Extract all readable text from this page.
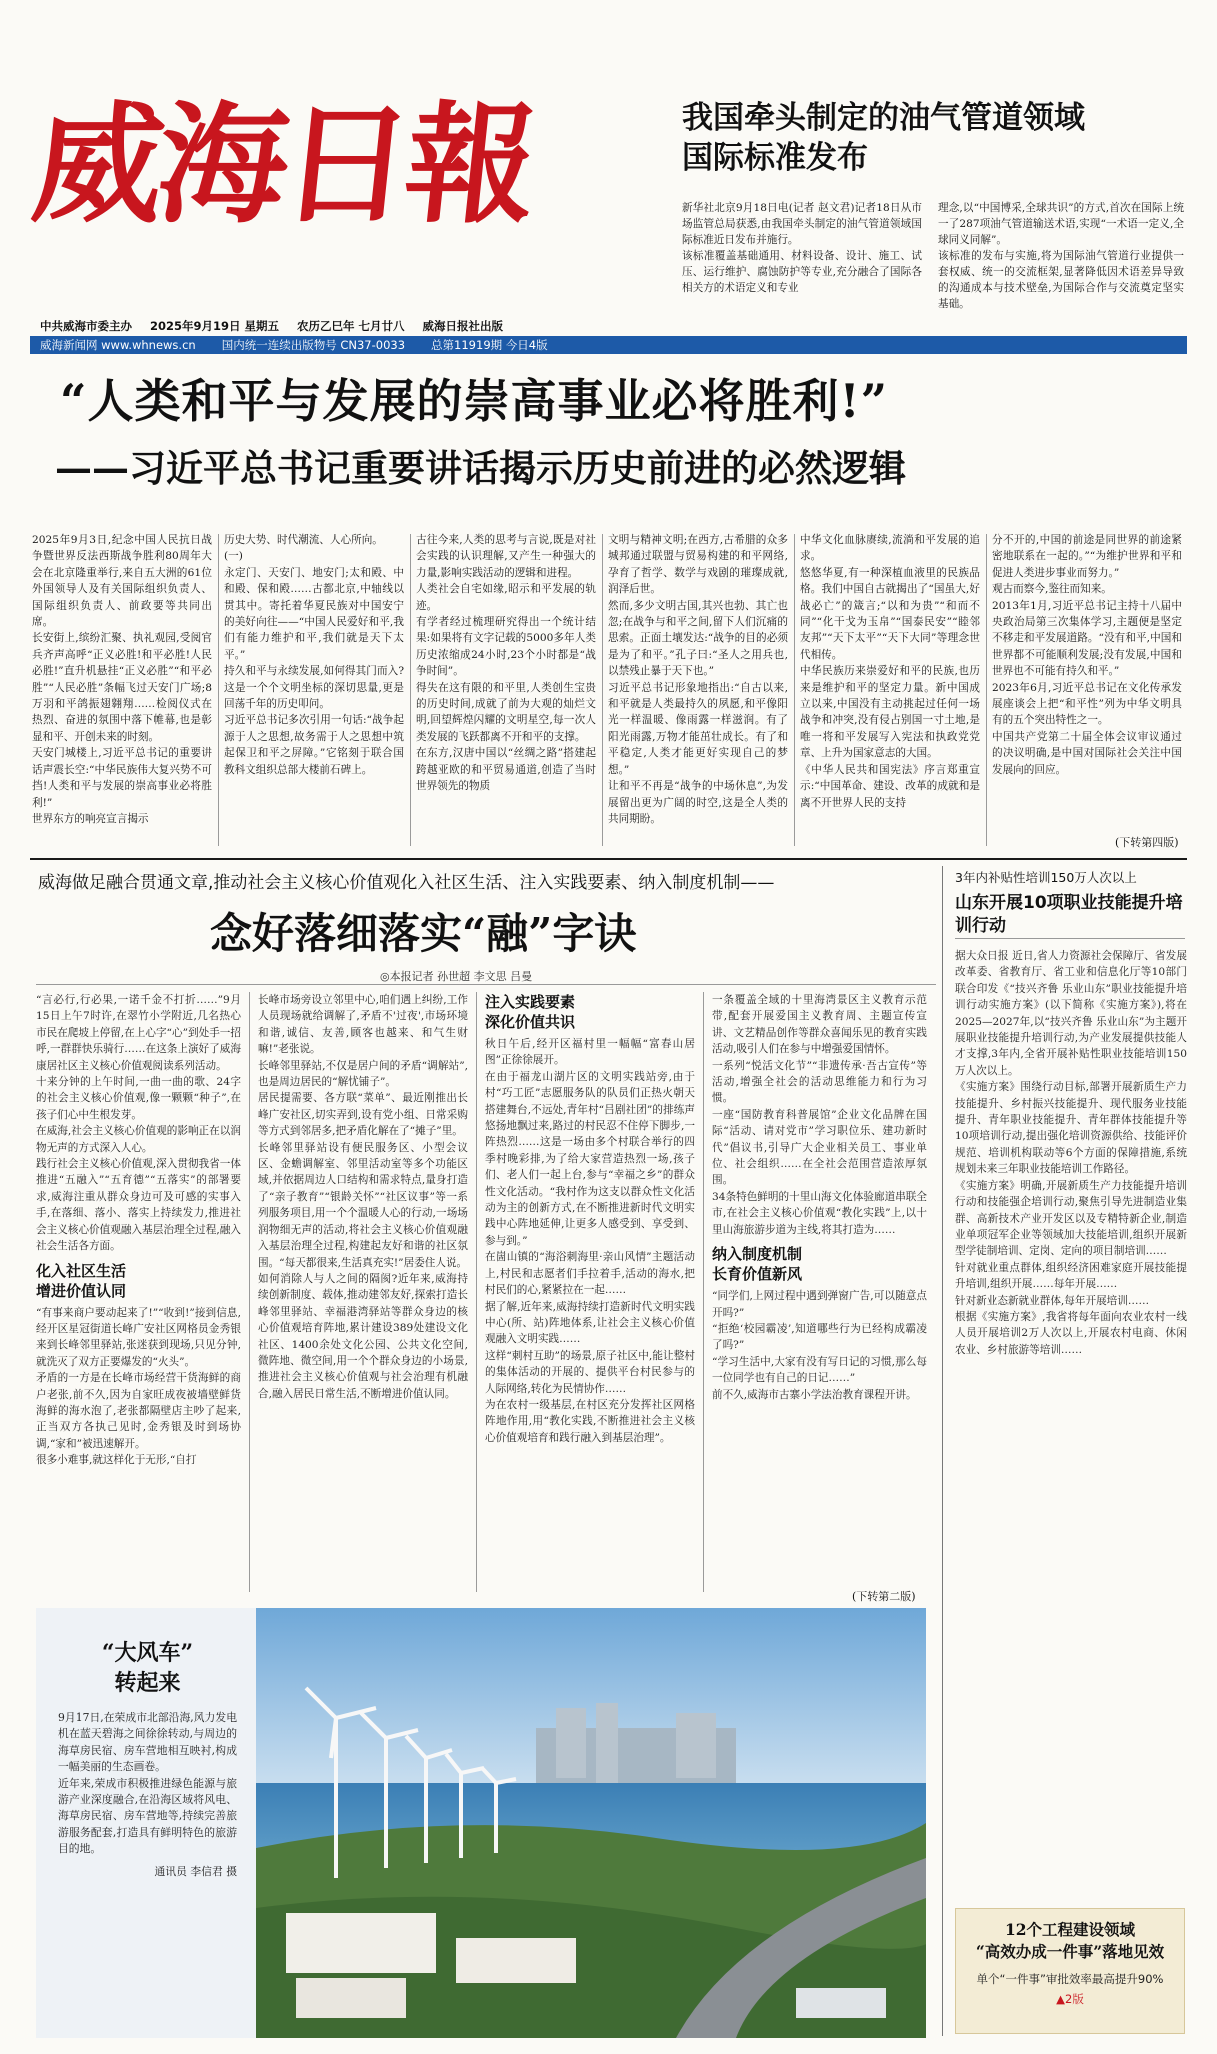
威海日報	我国牵头制定的油气管道领域
国际标准发布
新华社北京9月18日电(记者 赵文君)记者18日从市场监管总局获悉,由我国牵头制定的油气管道领域国际标准近日发布并施行。
该标准覆盖基础通用、材料设备、设计、施工、试压、运行维护、腐蚀防护等专业,充分融合了国际各相关方的术语定义和专业
理念,以“中国博采,全球共识”的方式,首次在国际上统一了287项油气管道输送术语,实现“一术语一定义,全球同义同解”。
该标准的发布与实施,将为国际油气管道行业提供一套权威、统一的交流框架,显著降低因术语差异导致的沟通成本与技术壁垒,为国际合作与交流奠定坚实基础。
中共威海市委主办 2025年9月19日 星期五 农历乙巳年 七月廿八 威海日报社出版
威海新闻网 www.whnews.cn 国内统一连续出版物号 CN37-0033 总第11919期 今日4版
“人类和平与发展的崇高事业必将胜利!”
——习近平总书记重要讲话揭示历史前进的必然逻辑
2025年9月3日,纪念中国人民抗日战争暨世界反法西斯战争胜利80周年大会在北京隆重举行,来自五大洲的61位外国领导人及有关国际组织负责人、国际组织负责人、前政要等共同出席。
长安街上,缤纷汇聚、执礼观园,受阅官兵齐声高呼“正义必胜!和平必胜!人民必胜!”直升机悬挂“正义必胜”“和平必胜”“人民必胜”条幅飞过天安门广场;8万羽和平鸽振翅翱翔……检阅仪式在热烈、奋进的氛围中落下帷幕,也是彰显和平、开创未来的时刻。
天安门城楼上,习近平总书记的重要讲话声震长空:“中华民族伟大复兴势不可挡!人类和平与发展的崇高事业必将胜利!”
世界东方的响亮宣言揭示
历史大势、时代潮流、人心所向。
(一)
永定门、天安门、地安门;太和殿、中和殿、保和殿……古都北京,中轴线以贯其中。寄托着华夏民族对中国安宁的美好向往——“中国人民爱好和平,我们有能力维护和平,我们就是天下太平。”
持久和平与永续发展,如何得其门而入?这是一个个文明坐标的深切思量,更是回荡千年的历史叩问。
习近平总书记多次引用一句话:“战争起源于人之思想,故务需于人之思想中筑起保卫和平之屏障。”它铭刻于联合国教科文组织总部大楼前石碑上。
古往今来,人类的思考与言说,既是对社会实践的认识理解,又产生一种强大的力量,影响实践活动的逻辑和进程。
人类社会自宅如缘,昭示和平发展的轨迹。
有学者经过梳理研究得出一个统计结果:如果将有文字记载的5000多年人类历史浓缩成24小时,23个小时都是“战争时间”。
得失在这有限的和平里,人类创生宝贵的历史时间,成就了前为大观的灿烂文明,回望辉煌闪耀的文明星空,每一次人类发展的飞跃都离不开和平的支撑。
在东方,汉唐中国以“丝绸之路”搭建起跨越亚欧的和平贸易通道,创造了当时世界领先的物质
文明与精神文明;在西方,古希腊的众多城邦通过联盟与贸易构建的和平网络,孕育了哲学、数学与戏剧的璀璨成就,润泽后世。
然而,多少文明古国,其兴也勃、其亡也忽;在战争与和平之间,留下人们沉痛的思索。正面土壤发达:“战争的目的必须是为了和平。”孔子曰:“圣人之用兵也,以禁残止暴于天下也。”
习近平总书记形象地指出:“自古以来,和平就是人类最持久的夙愿,和平像阳光一样温暖、像雨露一样滋润。有了阳光雨露,万物才能茁壮成长。有了和平稳定,人类才能更好实现自己的梦想。”
让和平不再是“战争的中场休息”,为发展留出更为广阔的时空,这是全人类的共同期盼。
中华文化血脉赓续,流淌和平发展的追求。
悠悠华夏,有一种深植血液里的民族品格。我们中国自古就揭出了“国虽大,好战必亡”的箴言;“以和为贵”“和而不同”“化干戈为玉帛”“国泰民安”“睦邻友邦”“天下太平”“天下大同”等理念世代相传。
中华民族历来崇爱好和平的民族,也历来是维护和平的坚定力量。新中国成立以来,中国没有主动挑起过任何一场战争和冲突,没有侵占别国一寸土地,是唯一将和平发展写入宪法和执政党党章、上升为国家意志的大国。
《中华人民共和国宪法》序言郑重宣示:“中国革命、建设、改革的成就和是离不开世界人民的支持
分不开的,中国的前途是同世界的前途紧密地联系在一起的。”“为维护世界和平和促进人类进步事业而努力。”
观古而察今,鉴往而知来。
2013年1月,习近平总书记主持十八届中央政治局第三次集体学习,主题便是坚定不移走和平发展道路。“没有和平,中国和世界都不可能顺利发展;没有发展,中国和世界也不可能有持久和平。”
2023年6月,习近平总书记在文化传承发展座谈会上把“和平性”列为中华文明具有的五个突出特性之一。
中国共产党第二十届全体会议审议通过的决议明确,是中国对国际社会关注中国发展向的回应。
(下转第四版)
威海做足融合贯通文章,推动社会主义核心价值观化入社区生活、注入实践要素、纳入制度机制——
念好落细落实“融”字诀
◎本报记者 孙世超 李文思 吕曼

“言必行,行必果,一诺千金不打折……”9月15日上午7时许,在翠竹小学附近,几名热心市民在爬坡上停留,在上心字“心”到处手一招呼,一群群快乐骑行……在这条上演好了威海康居社区主义核心价值观阅读系列活动。
十来分钟的上午时间,一曲一曲的歌、24字的社会主义核心价值观,像一颗颗“种子”,在孩子们心中生根发芽。
在威海,社会主义核心价值观的影响正在以润物无声的方式深入人心。
践行社会主义核心价值观,深入贯彻我省一体推进“五融入”“五育德”“五落实”的部署要求,威海注重从群众身边可及可感的实事入手,在落细、落小、落实上持续发力,推进社会主义核心价值观融入基层治理全过程,融入社会生活各方面。

化入社区生活
增进价值认同

“有事来商户要动起来了!”“收到!”接到信息,经开区星冠街道长峰广安社区网格员金秀银来到长峰邻里驿站,张迷获到现场,只见分钟,就洗灭了双方正要爆发的“火头”。
矛盾的一方是在长峰市场经营干货海鲜的商户老张,前不久,因为自家旺成夜被墙壁鲜货海鲜的海水泡了,老张都隔壁店主吵了起来,正当双方各执己见时,金秀银及时到场协调,“家和”被迅速解开。
很多小难事,就这样化于无形,“自打

长峰市场旁设立邻里中心,咱们遇上纠纷,工作人员现场就给调解了,矛盾不'过夜',市场环境和谐,诚信、友善,顾客也越来、和气生财嘛!”老张说。
长峰邻里驿站,不仅是居户间的矛盾“调解站”,也是周边居民的“解忧铺子”。
居民提需要、各方联“菜单”、最近刚推出长峰广安社区,切实弄到,设有党小组、日常采购等方式到邻居多,把矛盾化解在了“摊子”里。
长峰邻里驿站设有便民服务区、小型会议区、金蟾调解室、邻里活动室等多个功能区域,并依据周边人口结构和需求特点,量身打造了“亲子教育”“银龄关怀”“社区议事”等一系列服务项目,用一个个温暖人心的行动,一场场润物细无声的活动,将社会主义核心价值观融入基层治理全过程,构建起友好和谐的社区氛围。“每天都很来,生活真充实!”居委住人说。
如何消除人与人之间的隔阂?近年来,威海持续创新制度、载体,推动建邻友好,探索打造长峰邻里驿站、幸福港湾驿站等群众身边的核心价值观培育阵地,累计建设389处建设文化社区、1400余处文化公园、公共文化空间,微阵地、微空间,用一个个群众身边的小场景,推进社会主义核心价值观与社会治理有机融合,融入居民日常生活,不断增进价值认同。

注入实践要素
深化价值共识

秋日午后,经开区福村里一幅幅“富春山居图”正徐徐展开。
在由于福龙山湖片区的文明实践站旁,由于村“巧工匠”志愿服务队的队员们正热火朝天搭建舞台,不远处,青年村“吕剧社团”的排练声悠扬地飘过来,路过的村民忍不住停下脚步,一阵热烈……这是一场由多个村联合举行的四季村晚彩排,为了给大家营造热烈一场,孩子们、老人们一起上台,参与“幸福之乡”的群众性文化活动。“我村作为这支以群众性文化活动为主的创新方式,在不断推进新时代文明实践中心阵地延伸,让更多人感受到、享受到、参与到。”
在崮山镇的“海浴刺海里·亲山风情”主题活动上,村民和志愿者们手拉着手,活动的海水,把村民们的心,紧紧拉在一起……
据了解,近年来,威海持续打造新时代文明实践中心(所、站)阵地体系,让社会主义核心价值观融入文明实践……
这样“刺村互助”的场景,原子社区中,能让整村的集体活动的开展的、提供平台村民参与的人际网络,转化为民情协作……
为在农村一级基层,在村区充分发挥社区网格阵地作用,用“教化实践,不断推进社会主义核心价值观培育和践行融入到基层治理”。

一条覆盖全域的十里海湾景区主义教育示范带,配套开展爱国主义教育周、主题宣传宣讲、文艺精品创作等群众喜闻乐见的教育实践活动,吸引人们在参与中增强爱国情怀。
一系列“悦活文化节”“非遗传承·吾古宣传”等活动,增强全社会的活动思维能力和行为习惯。
一座“国防教育科普展馆”企业文化品牌在国际“活动、请对党市”学习职位乐、建功新时代”倡议书,引导广大企业相关员工、事业单位、社会组织……在全社会范围营造浓厚氛围。
34条特色鲜明的十里山海文化体验廊道串联全市,在社会主义核心价值观“教化实践”上,以十里山海旅游步道为主线,将其打造为……

纳入制度机制
长育价值新风

“同学们,上网过程中遇到弹窗广告,可以随意点开吗?”
“拒绝‘校园霸凌’,知道哪些行为已经构成霸凌了吗?”
“学习生活中,大家有没有写日记的习惯,那么每一位同学也有自己的日记……”
前不久,威海市古寨小学法治教育课程开讲。

(下转第二版)
“大风车”
转起来

9月17日,在荣成市北部沿海,风力发电机在蓝天碧海之间徐徐转动,与周边的海草房民宿、房车营地相互映衬,构成一幅美丽的生态画卷。
近年来,荣成市积极推进绿色能源与旅游产业深度融合,在沿海区域将风电、海草房民宿、房车营地等,持续完善旅游服务配套,打造具有鲜明特色的旅游目的地。

通讯员 李信君 摄
3年内补贴性培训150万人次以上
山东开展10项职业技能提升培训行动

据大众日报 近日,省人力资源社会保障厅、省发展改革委、省教育厅、省工业和信息化厅等10部门联合印发《“技兴齐鲁 乐业山东”职业技能提升培训行动实施方案》(以下简称《实施方案》),将在2025—2027年,以“技兴齐鲁 乐业山东”为主题开展职业技能提升培训行动,为产业发展提供技能人才支撑,3年内,全省开展补贴性职业技能培训150万人次以上。
《实施方案》围绕行动目标,部署开展新质生产力技能提升、乡村振兴技能提升、现代服务业技能提升、青年职业技能提升、青年群体技能提升等10项培训行动,提出强化培训资源供给、技能评价规范、培训机构联动等6个方面的保障措施,系统规划未来三年职业技能培训工作路径。
《实施方案》明确,开展新质生产力技能提升培训行动和技能强企培训行动,聚焦引导先进制造业集群、高新技术产业开发区以及专精特新企业,制造业单项冠军企业等领域加大技能培训,组织开展新型学徒制培训、定岗、定向的项目制培训……
针对就业重点群体,组织经济困难家庭开展技能提升培训,组织开展……每年开展……
针对新业态新就业群体,每年开展培训……
根据《实施方案》,我省将每年面向农业农村一线人员开展培训2万人次以上,开展农村电商、休闲农业、乡村旅游等培训……

12个工程建设领域
“高效办成一件事”落地见效
单个“一件事”审批效率最高提升90%
▲2版
